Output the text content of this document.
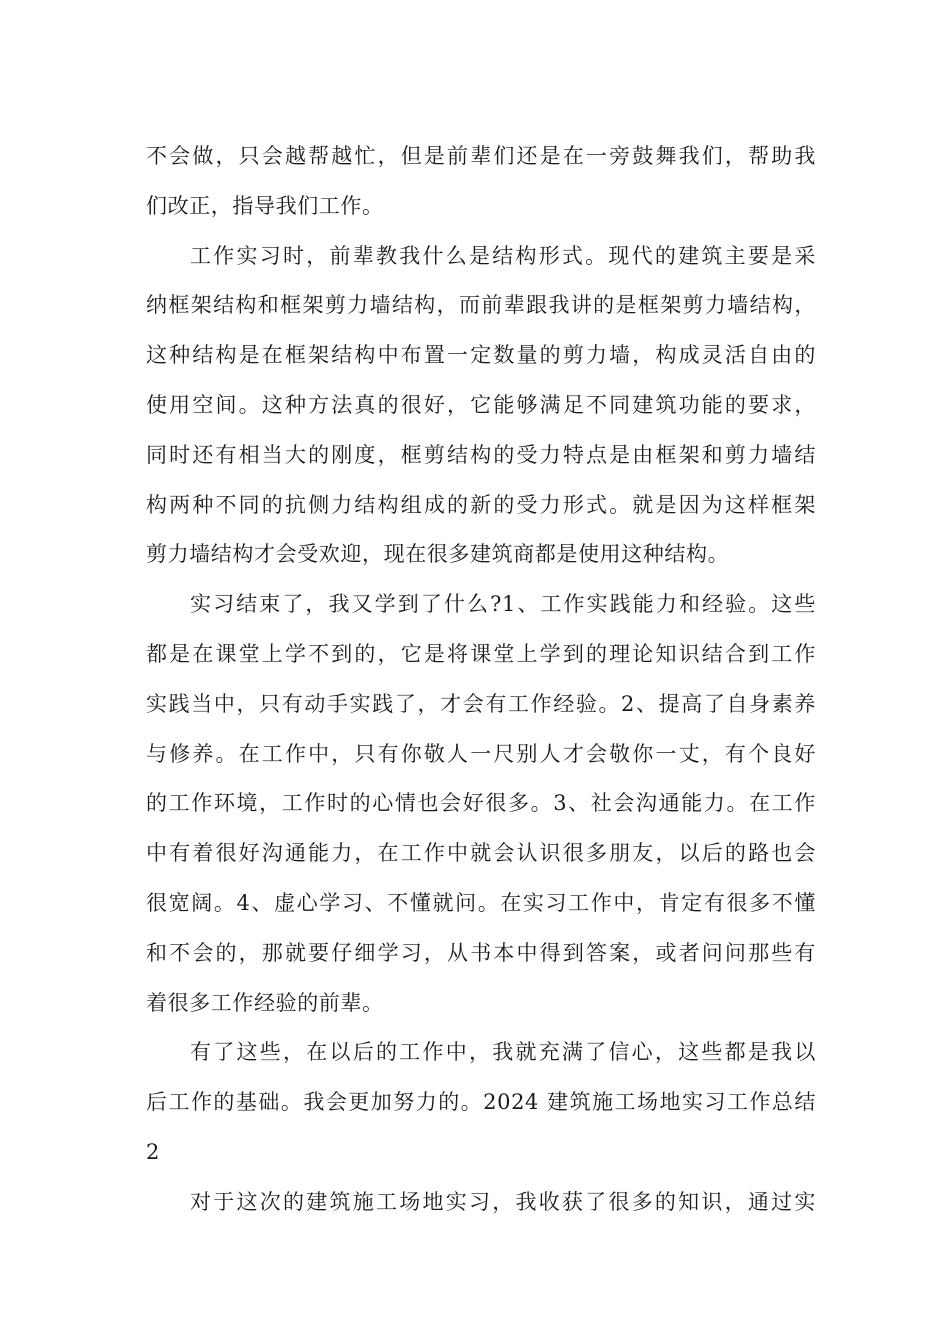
不会做，只会越帮越忙，但是前辈们还是在一旁鼓舞我们，帮助我
们改正，指导我们工作。
工作实习时，前辈教我什么是结构形式。现代的建筑主要是采
纳框架结构和框架剪力墙结构，而前辈跟我讲的是框架剪力墙结构，
这种结构是在框架结构中布置一定数量的剪力墙，构成灵活自由的
使用空间。这种方法真的很好，它能够满足不同建筑功能的要求，
同时还有相当大的刚度，框剪结构的受力特点是由框架和剪力墙结
构两种不同的抗侧力结构组成的新的受力形式。就是因为这样框架
剪力墙结构才会受欢迎，现在很多建筑商都是使用这种结构。
实习结束了，我又学到了什么?1、工作实践能力和经验。这些
都是在课堂上学不到的，它是将课堂上学到的理论知识结合到工作
实践当中，只有动手实践了，才会有工作经验。2、提高了自身素养
与修养。在工作中，只有你敬人一尺别人才会敬你一丈，有个良好
的工作环境，工作时的心情也会好很多。3、社会沟通能力。在工作
中有着很好沟通能力，在工作中就会认识很多朋友，以后的路也会
很宽阔。4、虚心学习、不懂就问。在实习工作中，肯定有很多不懂
和不会的，那就要仔细学习，从书本中得到答案，或者问问那些有
着很多工作经验的前辈。
有了这些，在以后的工作中，我就充满了信心，这些都是我以
后工作的基础。我会更加努力的。2024 建筑施工场地实习工作总结
2
对于这次的建筑施工场地实习，我收获了很多的知识，通过实
